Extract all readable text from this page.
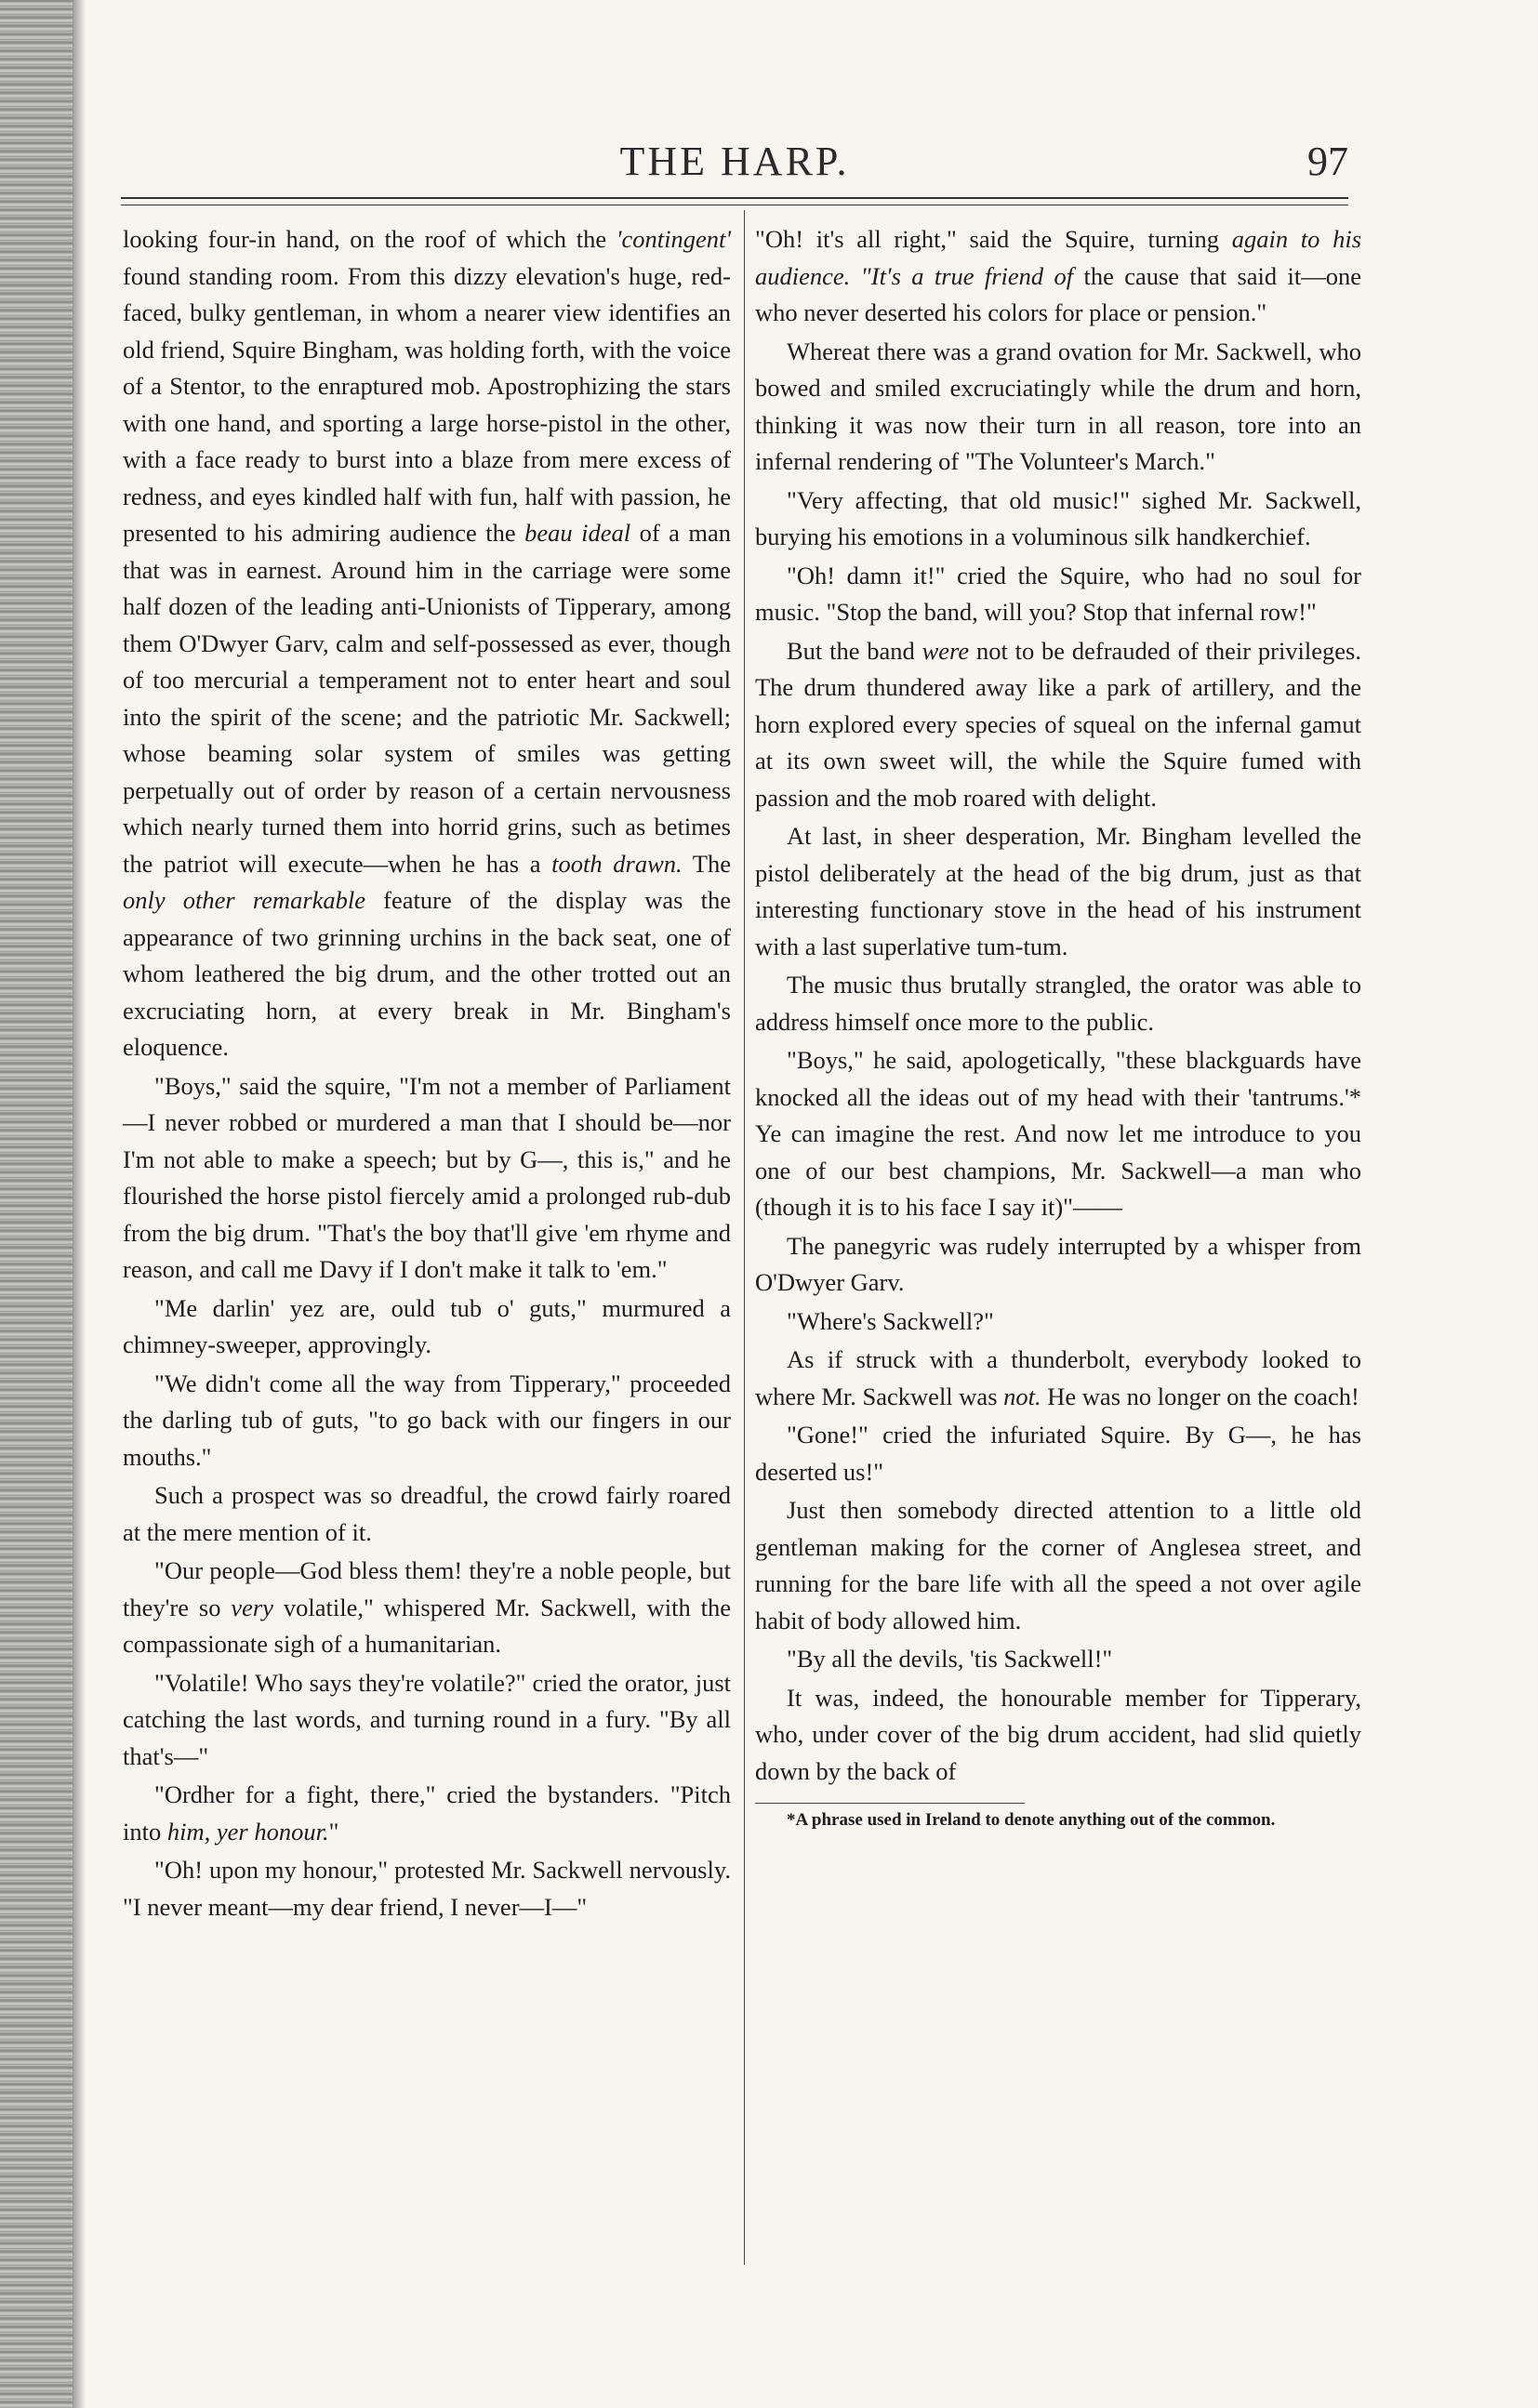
THE HARP.	97

looking four-in hand, on the roof of which the 'contingent' found standing room. From this dizzy elevation's huge, red-faced, bulky gentleman, in whom a nearer view identifies an old friend, Squire Bingham, was holding forth, with the voice of a Stentor, to the enraptured mob. Apostrophizing the stars with one hand, and sporting a large horse-pistol in the other, with a face ready to burst into a blaze from mere excess of redness, and eyes kindled half with fun, half with passion, he presented to his admiring audience the beau ideal of a man that was in earnest. Around him in the carriage were some half dozen of the leading anti-Unionists of Tipperary, among them O'Dwyer Garv, calm and self-possessed as ever, though of too mercurial a temperament not to enter heart and soul into the spirit of the scene; and the patriotic Mr. Sackwell; whose beaming solar system of smiles was getting perpetually out of order by reason of a certain nervousness which nearly turned them into horrid grins, such as betimes the patriot will execute—when he has a tooth drawn. The only other remarkable feature of the display was the appearance of two grinning urchins in the back seat, one of whom leathered the big drum, and the other trotted out an excruciating horn, at every break in Mr. Bingham's eloquence.

"Boys," said the squire, "I'm not a member of Parliament—I never robbed or murdered a man that I should be—nor I'm not able to make a speech; but by G—, this is," and he flourished the horse pistol fiercely amid a prolonged rub-dub from the big drum. "That's the boy that'll give 'em rhyme and reason, and call me Davy if I don't make it talk to 'em."

"Me darlin' yez are, ould tub o' guts," murmured a chimney-sweeper, approvingly.

"We didn't come all the way from Tipperary," proceeded the darling tub of guts, "to go back with our fingers in our mouths."

Such a prospect was so dreadful, the crowd fairly roared at the mere mention of it.

"Our people—God bless them! they're a noble people, but they're so very volatile," whispered Mr. Sackwell, with the compassionate sigh of a humanitarian.

"Volatile! Who says they're volatile?" cried the orator, just catching the last words, and turning round in a fury. "By all that's—"

"Ordher for a fight, there," cried the bystanders. "Pitch into him, yer honour."

"Oh! upon my honour," protested Mr. Sackwell nervously. "I never meant—my dear friend, I never—I—"

"Oh! it's all right," said the Squire, turning again to his audience. "It's a true friend of the cause that said it—one who never deserted his colors for place or pension."

Whereat there was a grand ovation for Mr. Sackwell, who bowed and smiled excruciatingly while the drum and horn, thinking it was now their turn in all reason, tore into an infernal rendering of "The Volunteer's March."

"Very affecting, that old music!" sighed Mr. Sackwell, burying his emotions in a voluminous silk handkerchief.

"Oh! damn it!" cried the Squire, who had no soul for music. "Stop the band, will you? Stop that infernal row!"

But the band were not to be defrauded of their privileges. The drum thundered away like a park of artillery, and the horn explored every species of squeal on the infernal gamut at its own sweet will, the while the Squire fumed with passion and the mob roared with delight.

At last, in sheer desperation, Mr. Bingham levelled the pistol deliberately at the head of the big drum, just as that interesting functionary stove in the head of his instrument with a last superlative tum-tum.

The music thus brutally strangled, the orator was able to address himself once more to the public.

"Boys," he said, apologetically, "these blackguards have knocked all the ideas out of my head with their 'tantrums.'* Ye can imagine the rest. And now let me introduce to you one of our best champions, Mr. Sackwell—a man who (though it is to his face I say it)"——

The panegyric was rudely interrupted by a whisper from O'Dwyer Garv.

"Where's Sackwell?"

As if struck with a thunderbolt, everybody looked to where Mr. Sackwell was not. He was no longer on the coach!

"Gone!" cried the infuriated Squire. By G—, he has deserted us!"

Just then somebody directed attention to a little old gentleman making for the corner of Anglesea street, and running for the bare life with all the speed a not over agile habit of body allowed him.

"By all the devils, 'tis Sackwell!"

It was, indeed, the honourable member for Tipperary, who, under cover of the big drum accident, had slid quietly down by the back of

*A phrase used in Ireland to denote anything out of the common.
